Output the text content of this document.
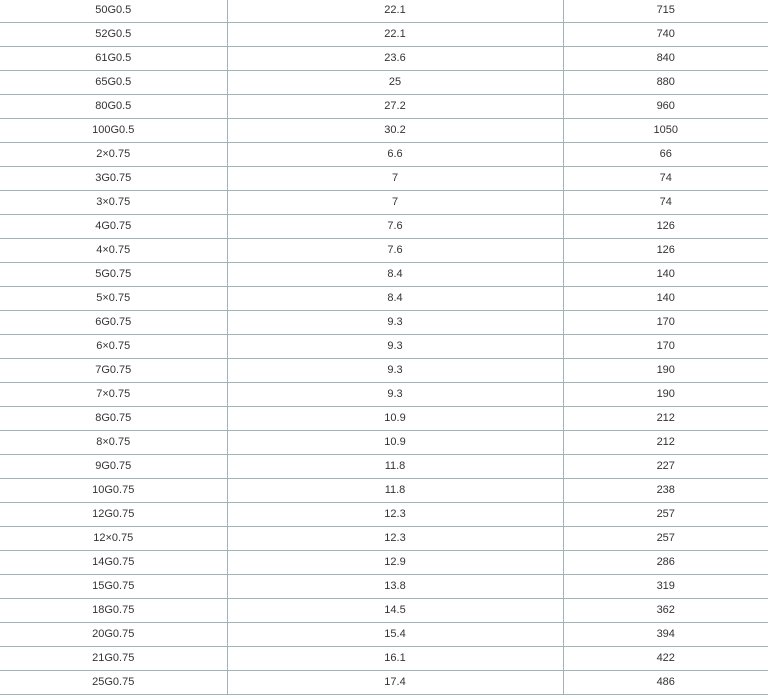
50G0.5	22.1	715
52G0.5	22.1	740
61G0.5	23.6	840
65G0.5	25	880
80G0.5	27.2	960
100G0.5	30.2	1050
2×0.75	6.6	66
3G0.75	7	74
3×0.75	7	74
4G0.75	7.6	126
4×0.75	7.6	126
5G0.75	8.4	140
5×0.75	8.4	140
6G0.75	9.3	170
6×0.75	9.3	170
7G0.75	9.3	190
7×0.75	9.3	190
8G0.75	10.9	212
8×0.75	10.9	212
9G0.75	11.8	227
10G0.75	11.8	238
12G0.75	12.3	257
12×0.75	12.3	257
14G0.75	12.9	286
15G0.75	13.8	319
18G0.75	14.5	362
20G0.75	15.4	394
21G0.75	16.1	422
25G0.75	17.4	486
